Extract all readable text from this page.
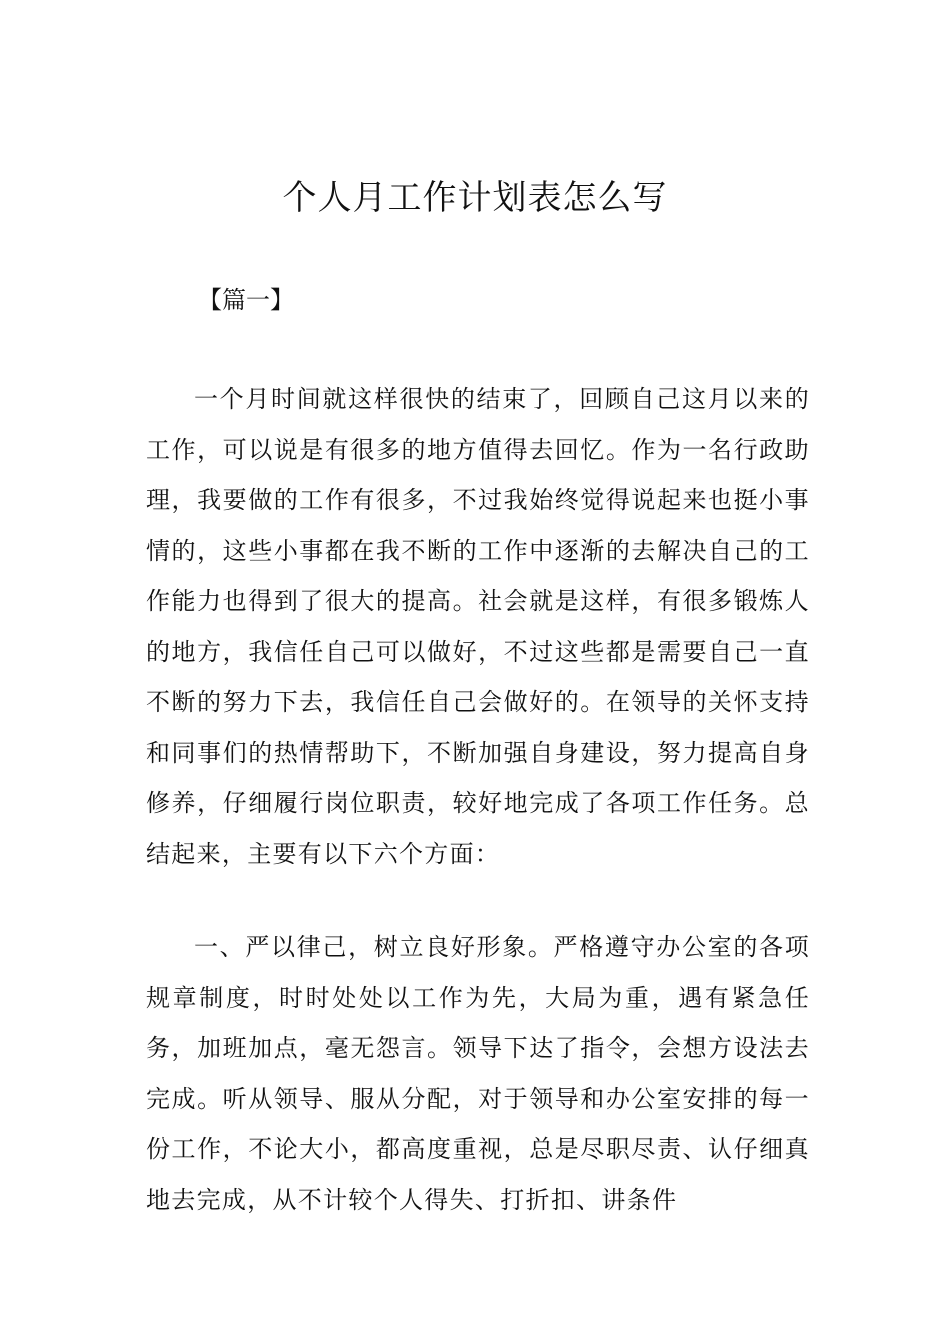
个人月工作计划表怎么写

【篇一】

一个月时间就这样很快的结束了，回顾自己这月以来的工作，可以说是有很多的地方值得去回忆。作为一名行政助理，我要做的工作有很多，不过我始终觉得说起来也挺小事情的，这些小事都在我不断的工作中逐渐的去解决自己的工作能力也得到了很大的提高。社会就是这样，有很多锻炼人的地方，我信任自己可以做好，不过这些都是需要自己一直不断的努力下去，我信任自己会做好的。在领导的关怀支持和同事们的热情帮助下，不断加强自身建设，努力提高自身修养，仔细履行岗位职责，较好地完成了各项工作任务。总结起来，主要有以下六个方面：

一、严以律己，树立良好形象。严格遵守办公室的各项规章制度，时时处处以工作为先，大局为重，遇有紧急任务，加班加点，毫无怨言。领导下达了指令，会想方设法去完成。听从领导、服从分配，对于领导和办公室安排的每一份工作，不论大小，都高度重视，总是尽职尽责、认仔细真地去完成，从不计较个人得失、打折扣、讲条件
